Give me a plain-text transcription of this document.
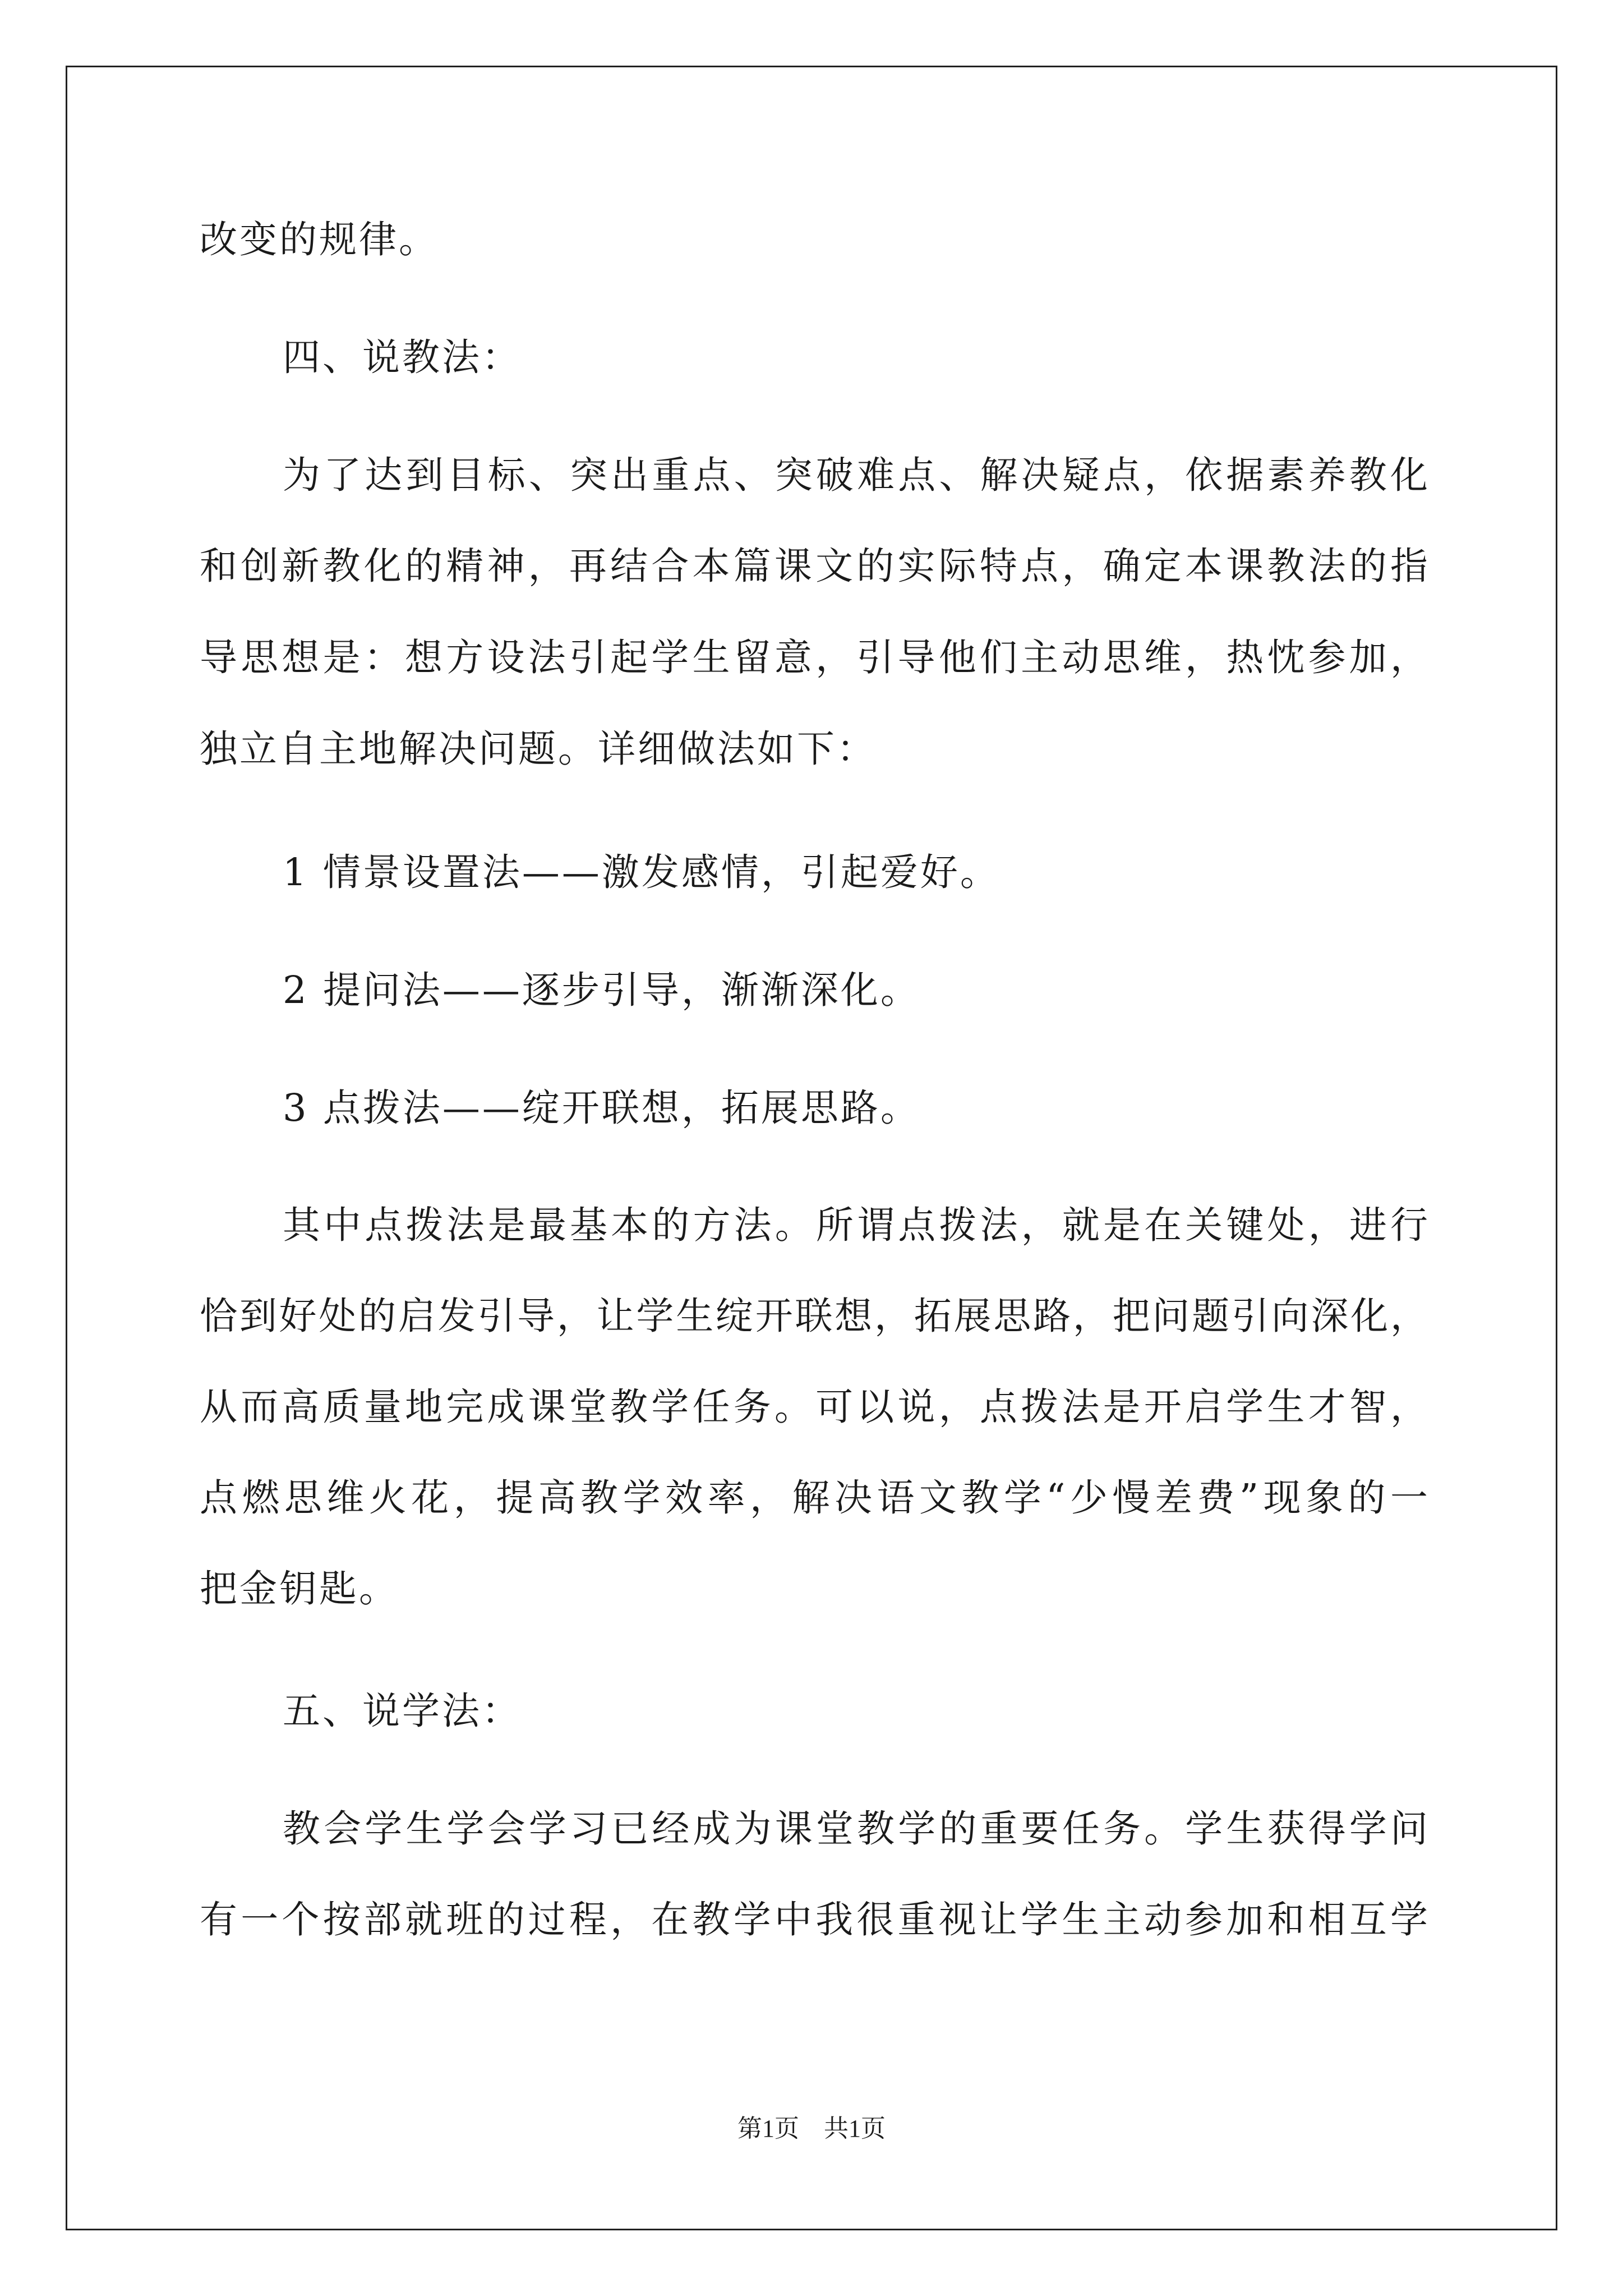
改变的规律。
四、说教法：
为了达到目标、突出重点、突破难点、解决疑点，依据素养教化
和创新教化的精神，再结合本篇课文的实际特点，确定本课教法的指
导思想是：想方设法引起学生留意，引导他们主动思维，热忱参加，
独立自主地解决问题。详细做法如下：
1 情景设置法——激发感情，引起爱好。
2 提问法——逐步引导，渐渐深化。
3 点拨法——绽开联想，拓展思路。
其中点拨法是最基本的方法。所谓点拨法，就是在关键处，进行
恰到好处的启发引导，让学生绽开联想，拓展思路，把问题引向深化，
从而高质量地完成课堂教学任务。可以说，点拨法是开启学生才智，
点燃思维火花，提高教学效率，解决语文教学“少慢差费”现象的一
把金钥匙。
五、说学法：
教会学生学会学习已经成为课堂教学的重要任务。学生获得学问
有一个按部就班的过程，在教学中我很重视让学生主动参加和相互学
第1页　共1页
